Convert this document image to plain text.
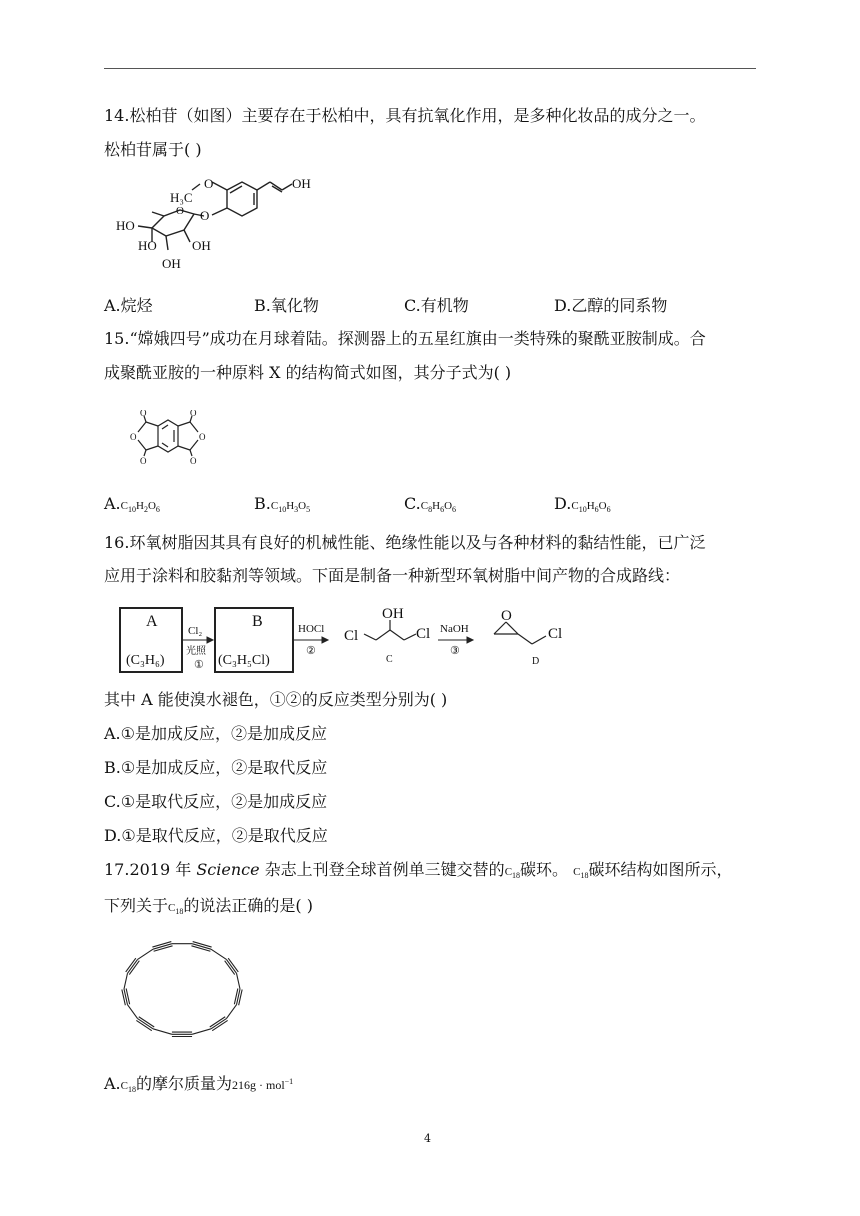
14.松柏苷（如图）主要存在于松柏中，具有抗氧化作用，是多种化妆品的成分之一。
松柏苷属于( )
OH
O
H₃C
O
O
HO
HO	OH
OH
A.烷烃	B.氧化物	C.有机物	D.乙醇的同系物
15.“嫦娥四号”成功在月球着陆。探测器上的五星红旗由一类特殊的聚酰亚胺制成。合
成聚酰亚胺的一种原料 X 的结构简式如图，其分子式为( )
O
O
O
O
O
O
$A.C_{10}H_2O_6$	$B.C_{10}H_3O_5$	$C.C_8H_6O_6$	$D.C_{10}H_6O_6$
16.环氧树脂因其具有良好的机械性能、绝缘性能以及与各种材料的黏结性能，已广泛
应用于涂料和胶黏剂等领域。下面是制备一种新型环氧树脂中间产物的合成路线：
A
(C₃H₆)
B
(C₃H₅Cl)
Cl₂
光照
①
HOCl
②
NaOH
③
OH
Cl	Cl
C
O
Cl
D
其中 A 能使溴水褪色，①②的反应类型分别为( )
A.①是加成反应，②是加成反应
B.①是加成反应，②是取代反应
C.①是取代反应，②是加成反应
D.①是取代反应，②是取代反应
17.2019 年 Science 杂志上刊登全球首例单三键交替的$C_{18}$碳环。 $C_{18}$碳环结构如图所示，
下列关于$C_{18}$的说法正确的是( )
$A.C_{18}$的摩尔质量为216g · mol$^{-1}$
4
